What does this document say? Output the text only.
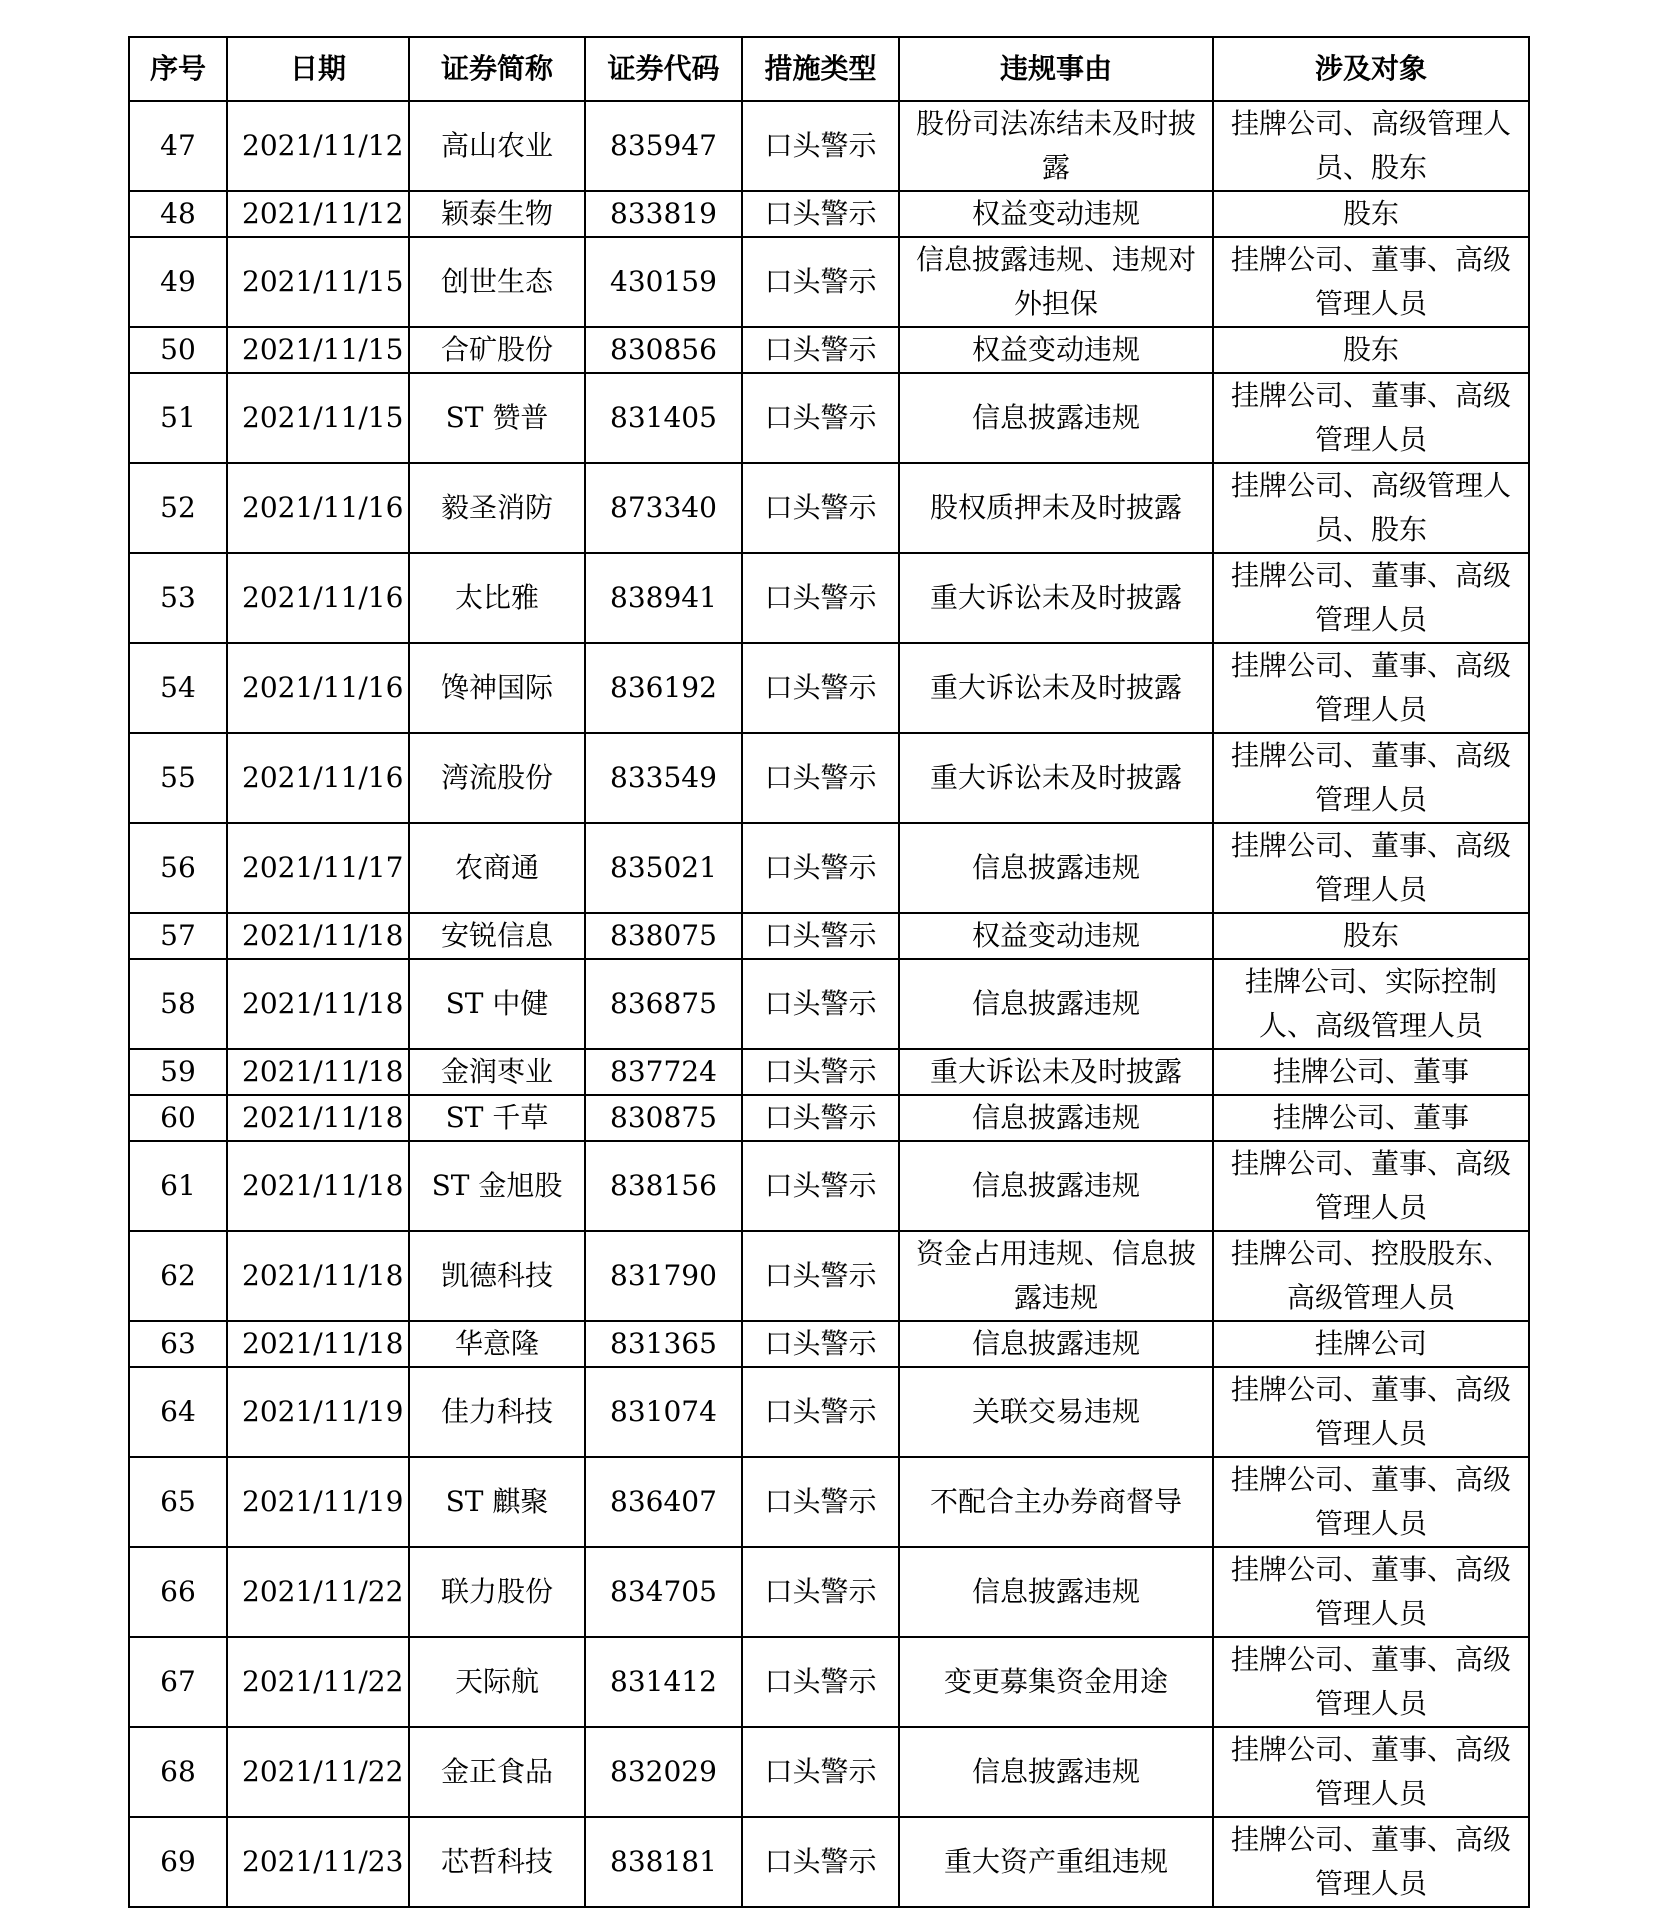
序号	日期	证券简称	证券代码	措施类型	违规事由	涉及对象
47	2021/11/12	高山农业	835947	口头警示	股份司法冻结未及时披露	挂牌公司、高级管理人员、股东
48	2021/11/12	颖泰生物	833819	口头警示	权益变动违规	股东
49	2021/11/15	创世生态	430159	口头警示	信息披露违规、违规对外担保	挂牌公司、董事、高级管理人员
50	2021/11/15	合矿股份	830856	口头警示	权益变动违规	股东
51	2021/11/15	ST 赞普	831405	口头警示	信息披露违规	挂牌公司、董事、高级管理人员
52	2021/11/16	毅圣消防	873340	口头警示	股权质押未及时披露	挂牌公司、高级管理人员、股东
53	2021/11/16	太比雅	838941	口头警示	重大诉讼未及时披露	挂牌公司、董事、高级管理人员
54	2021/11/16	馋神国际	836192	口头警示	重大诉讼未及时披露	挂牌公司、董事、高级管理人员
55	2021/11/16	湾流股份	833549	口头警示	重大诉讼未及时披露	挂牌公司、董事、高级管理人员
56	2021/11/17	农商通	835021	口头警示	信息披露违规	挂牌公司、董事、高级管理人员
57	2021/11/18	安锐信息	838075	口头警示	权益变动违规	股东
58	2021/11/18	ST 中健	836875	口头警示	信息披露违规	挂牌公司、实际控制人、高级管理人员
59	2021/11/18	金润枣业	837724	口头警示	重大诉讼未及时披露	挂牌公司、董事
60	2021/11/18	ST 千草	830875	口头警示	信息披露违规	挂牌公司、董事
61	2021/11/18	ST 金旭股	838156	口头警示	信息披露违规	挂牌公司、董事、高级管理人员
62	2021/11/18	凯德科技	831790	口头警示	资金占用违规、信息披露违规	挂牌公司、控股股东、高级管理人员
63	2021/11/18	华意隆	831365	口头警示	信息披露违规	挂牌公司
64	2021/11/19	佳力科技	831074	口头警示	关联交易违规	挂牌公司、董事、高级管理人员
65	2021/11/19	ST 麒聚	836407	口头警示	不配合主办券商督导	挂牌公司、董事、高级管理人员
66	2021/11/22	联力股份	834705	口头警示	信息披露违规	挂牌公司、董事、高级管理人员
67	2021/11/22	天际航	831412	口头警示	变更募集资金用途	挂牌公司、董事、高级管理人员
68	2021/11/22	金正食品	832029	口头警示	信息披露违规	挂牌公司、董事、高级管理人员
69	2021/11/23	芯哲科技	838181	口头警示	重大资产重组违规	挂牌公司、董事、高级管理人员
